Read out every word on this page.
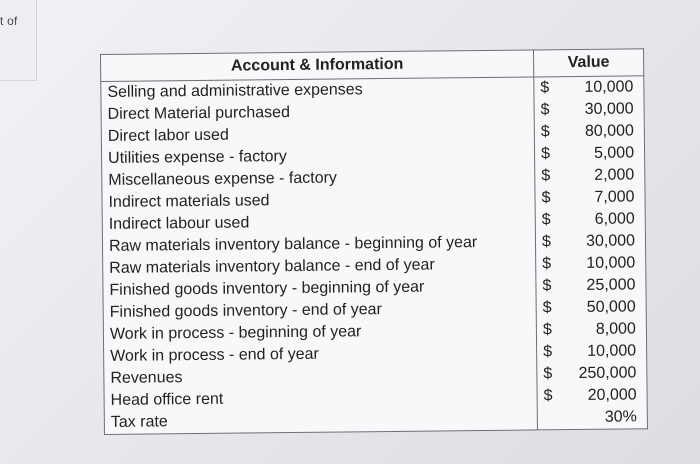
t of
Account & Information	Value
Selling and administrative expenses	$ 10,000

Direct Material purchased	$ 30,000

Direct labor used	$ 80,000

Utilities expense - factory	$ 5,000

Miscellaneous expense - factory	$ 2,000

Indirect materials used	$ 7,000

Indirect labour used	$ 6,000

Raw materials inventory balance - beginning of year	$ 30,000

Raw materials inventory balance - end of year	$ 10,000

Finished goods inventory - beginning of year	$ 25,000

Finished goods inventory - end of year	$ 50,000

Work in process - beginning of year	$ 8,000

Work in process - end of year	$ 10,000

Revenues	$ 250,000

Head office rent	$ 20,000

Tax rate	30%
